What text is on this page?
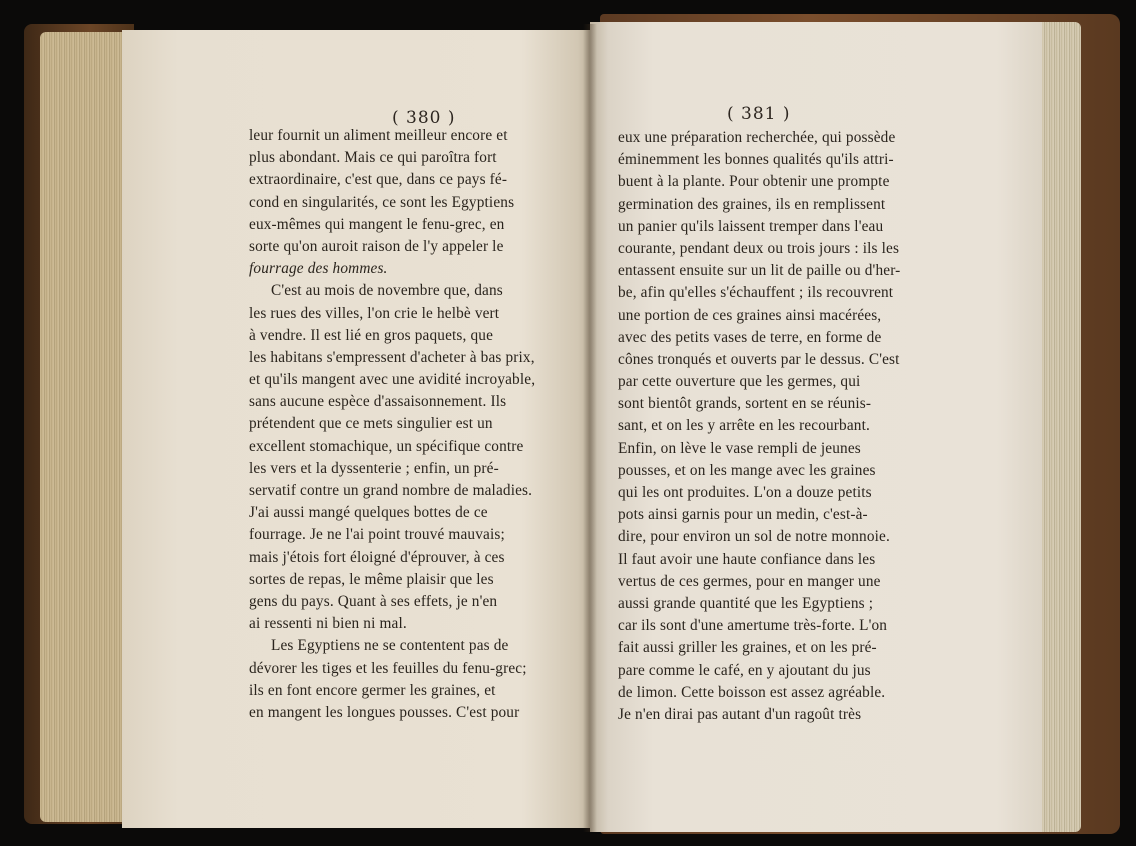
( 380 )	( 381 )
leur fournit un aliment meilleur encore et
plus abondant. Mais ce qui paroîtra fort
extraordinaire, c'est que, dans ce pays fé-
cond en singularités, ce sont les Egyptiens
eux-mêmes qui mangent le fenu-grec, en
sorte qu'on auroit raison de l'y appeler le
fourrage des hommes.
C'est au mois de novembre que, dans
les rues des villes, l'on crie le helbè vert
à vendre. Il est lié en gros paquets, que
les habitans s'empressent d'acheter à bas prix,
et qu'ils mangent avec une avidité incroyable,
sans aucune espèce d'assaisonnement. Ils
prétendent que ce mets singulier est un
excellent stomachique, un spécifique contre
les vers et la dyssenterie ; enfin, un pré-
servatif contre un grand nombre de maladies.
J'ai aussi mangé quelques bottes de ce
fourrage. Je ne l'ai point trouvé mauvais;
mais j'étois fort éloigné d'éprouver, à ces
sortes de repas, le même plaisir que les
gens du pays. Quant à ses effets, je n'en
ai ressenti ni bien ni mal.
Les Egyptiens ne se contentent pas de
dévorer les tiges et les feuilles du fenu-grec;
ils en font encore germer les graines, et
en mangent les longues pousses. C'est pour
eux une préparation recherchée, qui possède
éminemment les bonnes qualités qu'ils attri-
buent à la plante. Pour obtenir une prompte
germination des graines, ils en remplissent
un panier qu'ils laissent tremper dans l'eau
courante, pendant deux ou trois jours : ils les
entassent ensuite sur un lit de paille ou d'her-
be, afin qu'elles s'échauffent ; ils recouvrent
une portion de ces graines ainsi macérées,
avec des petits vases de terre, en forme de
cônes tronqués et ouverts par le dessus. C'est
par cette ouverture que les germes, qui
sont bientôt grands, sortent en se réunis-
sant, et on les y arrête en les recourbant.
Enfin, on lève le vase rempli de jeunes
pousses, et on les mange avec les graines
qui les ont produites. L'on a douze petits
pots ainsi garnis pour un medin, c'est-à-
dire, pour environ un sol de notre monnoie.
Il faut avoir une haute confiance dans les
vertus de ces germes, pour en manger une
aussi grande quantité que les Egyptiens ;
car ils sont d'une amertume très-forte. L'on
fait aussi griller les graines, et on les pré-
pare comme le café, en y ajoutant du jus
de limon. Cette boisson est assez agréable.
Je n'en dirai pas autant d'un ragoût très
